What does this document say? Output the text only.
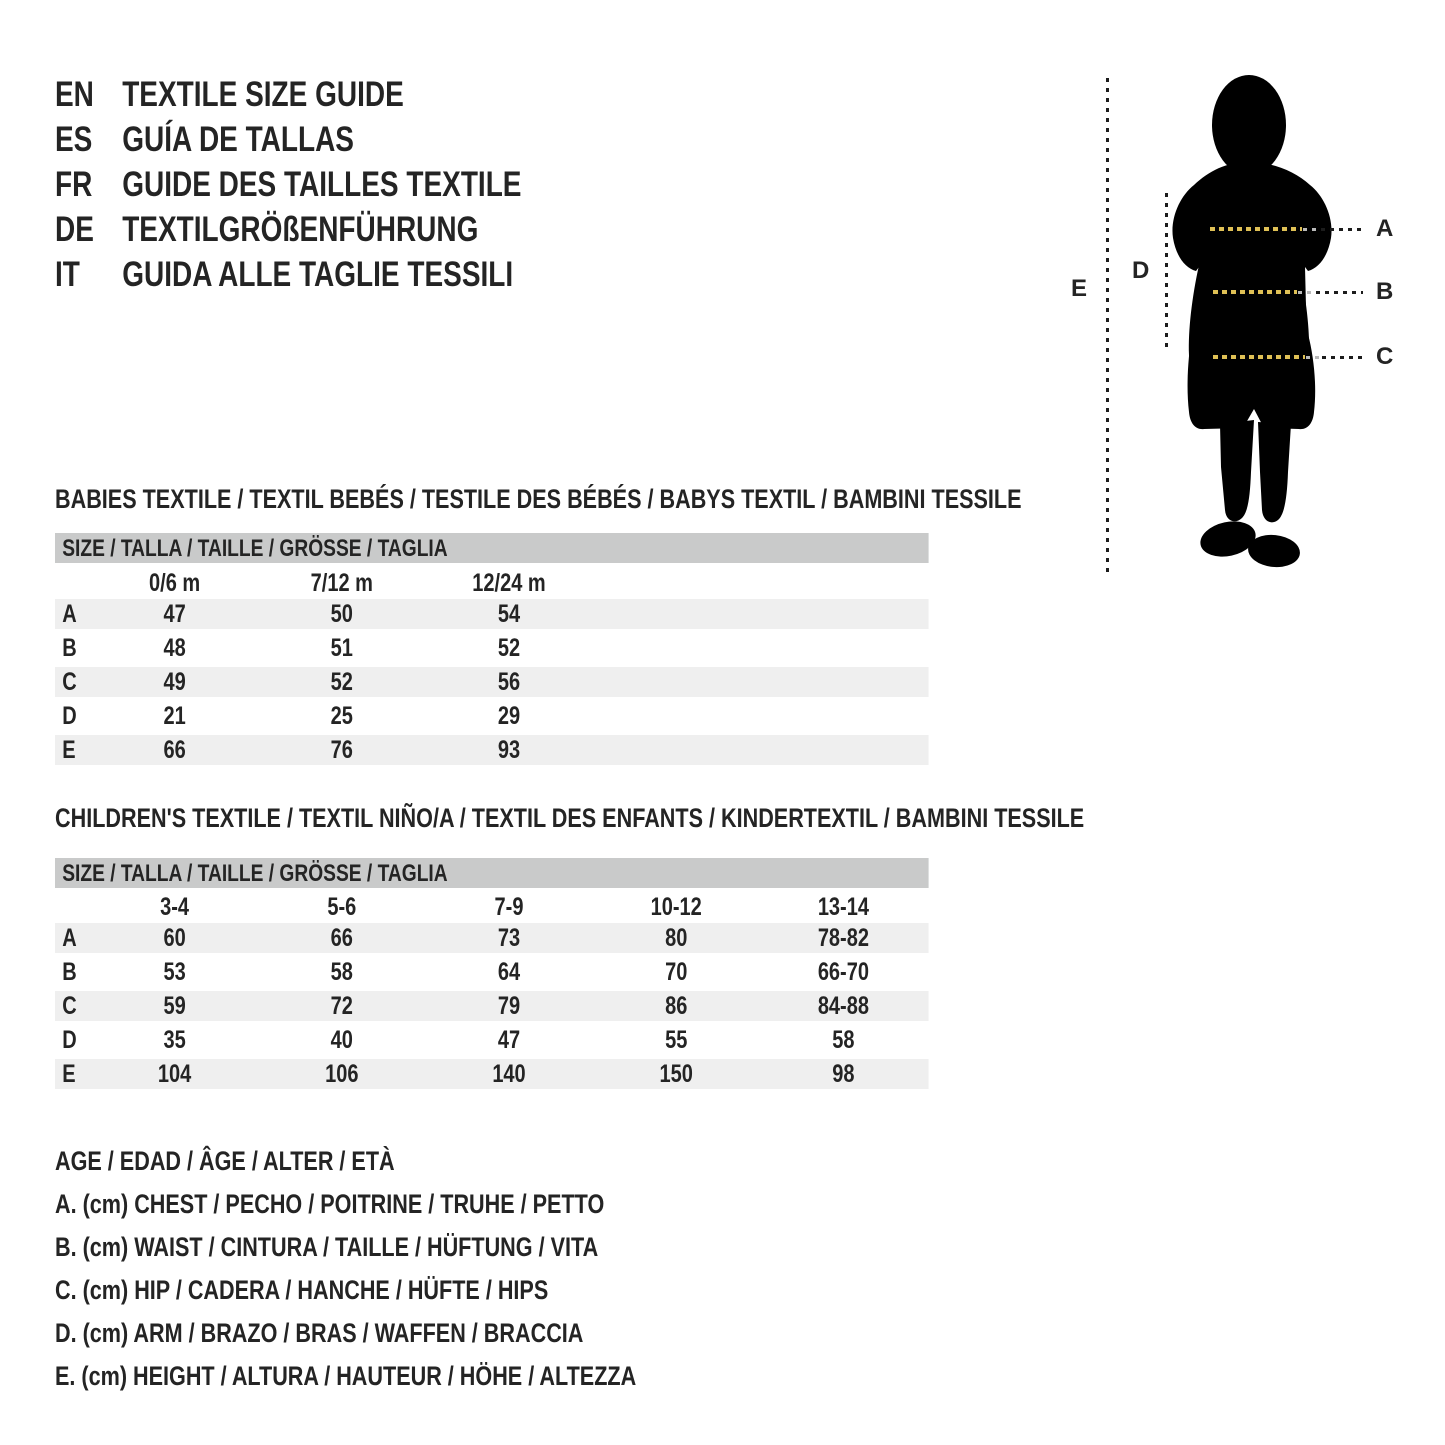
EN TEXTILE SIZE GUIDE
ES GUÍA DE TALLAS
FR GUIDE DES TAILLES TEXTILE
DE TEXTILGRÖßENFÜHRUNG
IT GUIDA ALLE TAGLIE TESSILI
BABIES TEXTILE / TEXTIL BEBÉS / TESTILE DES BÉBÉS / BABYS TEXTIL / BAMBINI TESSILE
SIZE / TALLA / TAILLE / GRÖSSE / TAGLIA
0/6 m	7/12 m	12/24 m
A	47	50	54
B	48	51	52
C	49	52	56
D	21	25	29
E	66	76	93
CHILDREN'S TEXTILE / TEXTIL NIÑO/A / TEXTIL DES ENFANTS / KINDERTEXTIL / BAMBINI TESSILE
SIZE / TALLA / TAILLE / GRÖSSE / TAGLIA
3-4	5-6	7-9	10-12	13-14
A	60	66	73	80	78-82
B	53	58	64	70	66-70
C	59	72	79	86	84-88
D	35	40	47	55	58
E	104	106	140	150	98
AGE / EDAD / ÂGE / ALTER / ETÀ
A. (cm) CHEST / PECHO / POITRINE / TRUHE / PETTO
B. (cm) WAIST / CINTURA / TAILLE / HÜFTUNG / VITA
C. (cm) HIP / CADERA / HANCHE / HÜFTE / HIPS
D. (cm) ARM / BRAZO / BRAS / WAFFEN / BRACCIA
E. (cm) HEIGHT / ALTURA / HAUTEUR / HÖHE / ALTEZZA
A
B
C
D
E
